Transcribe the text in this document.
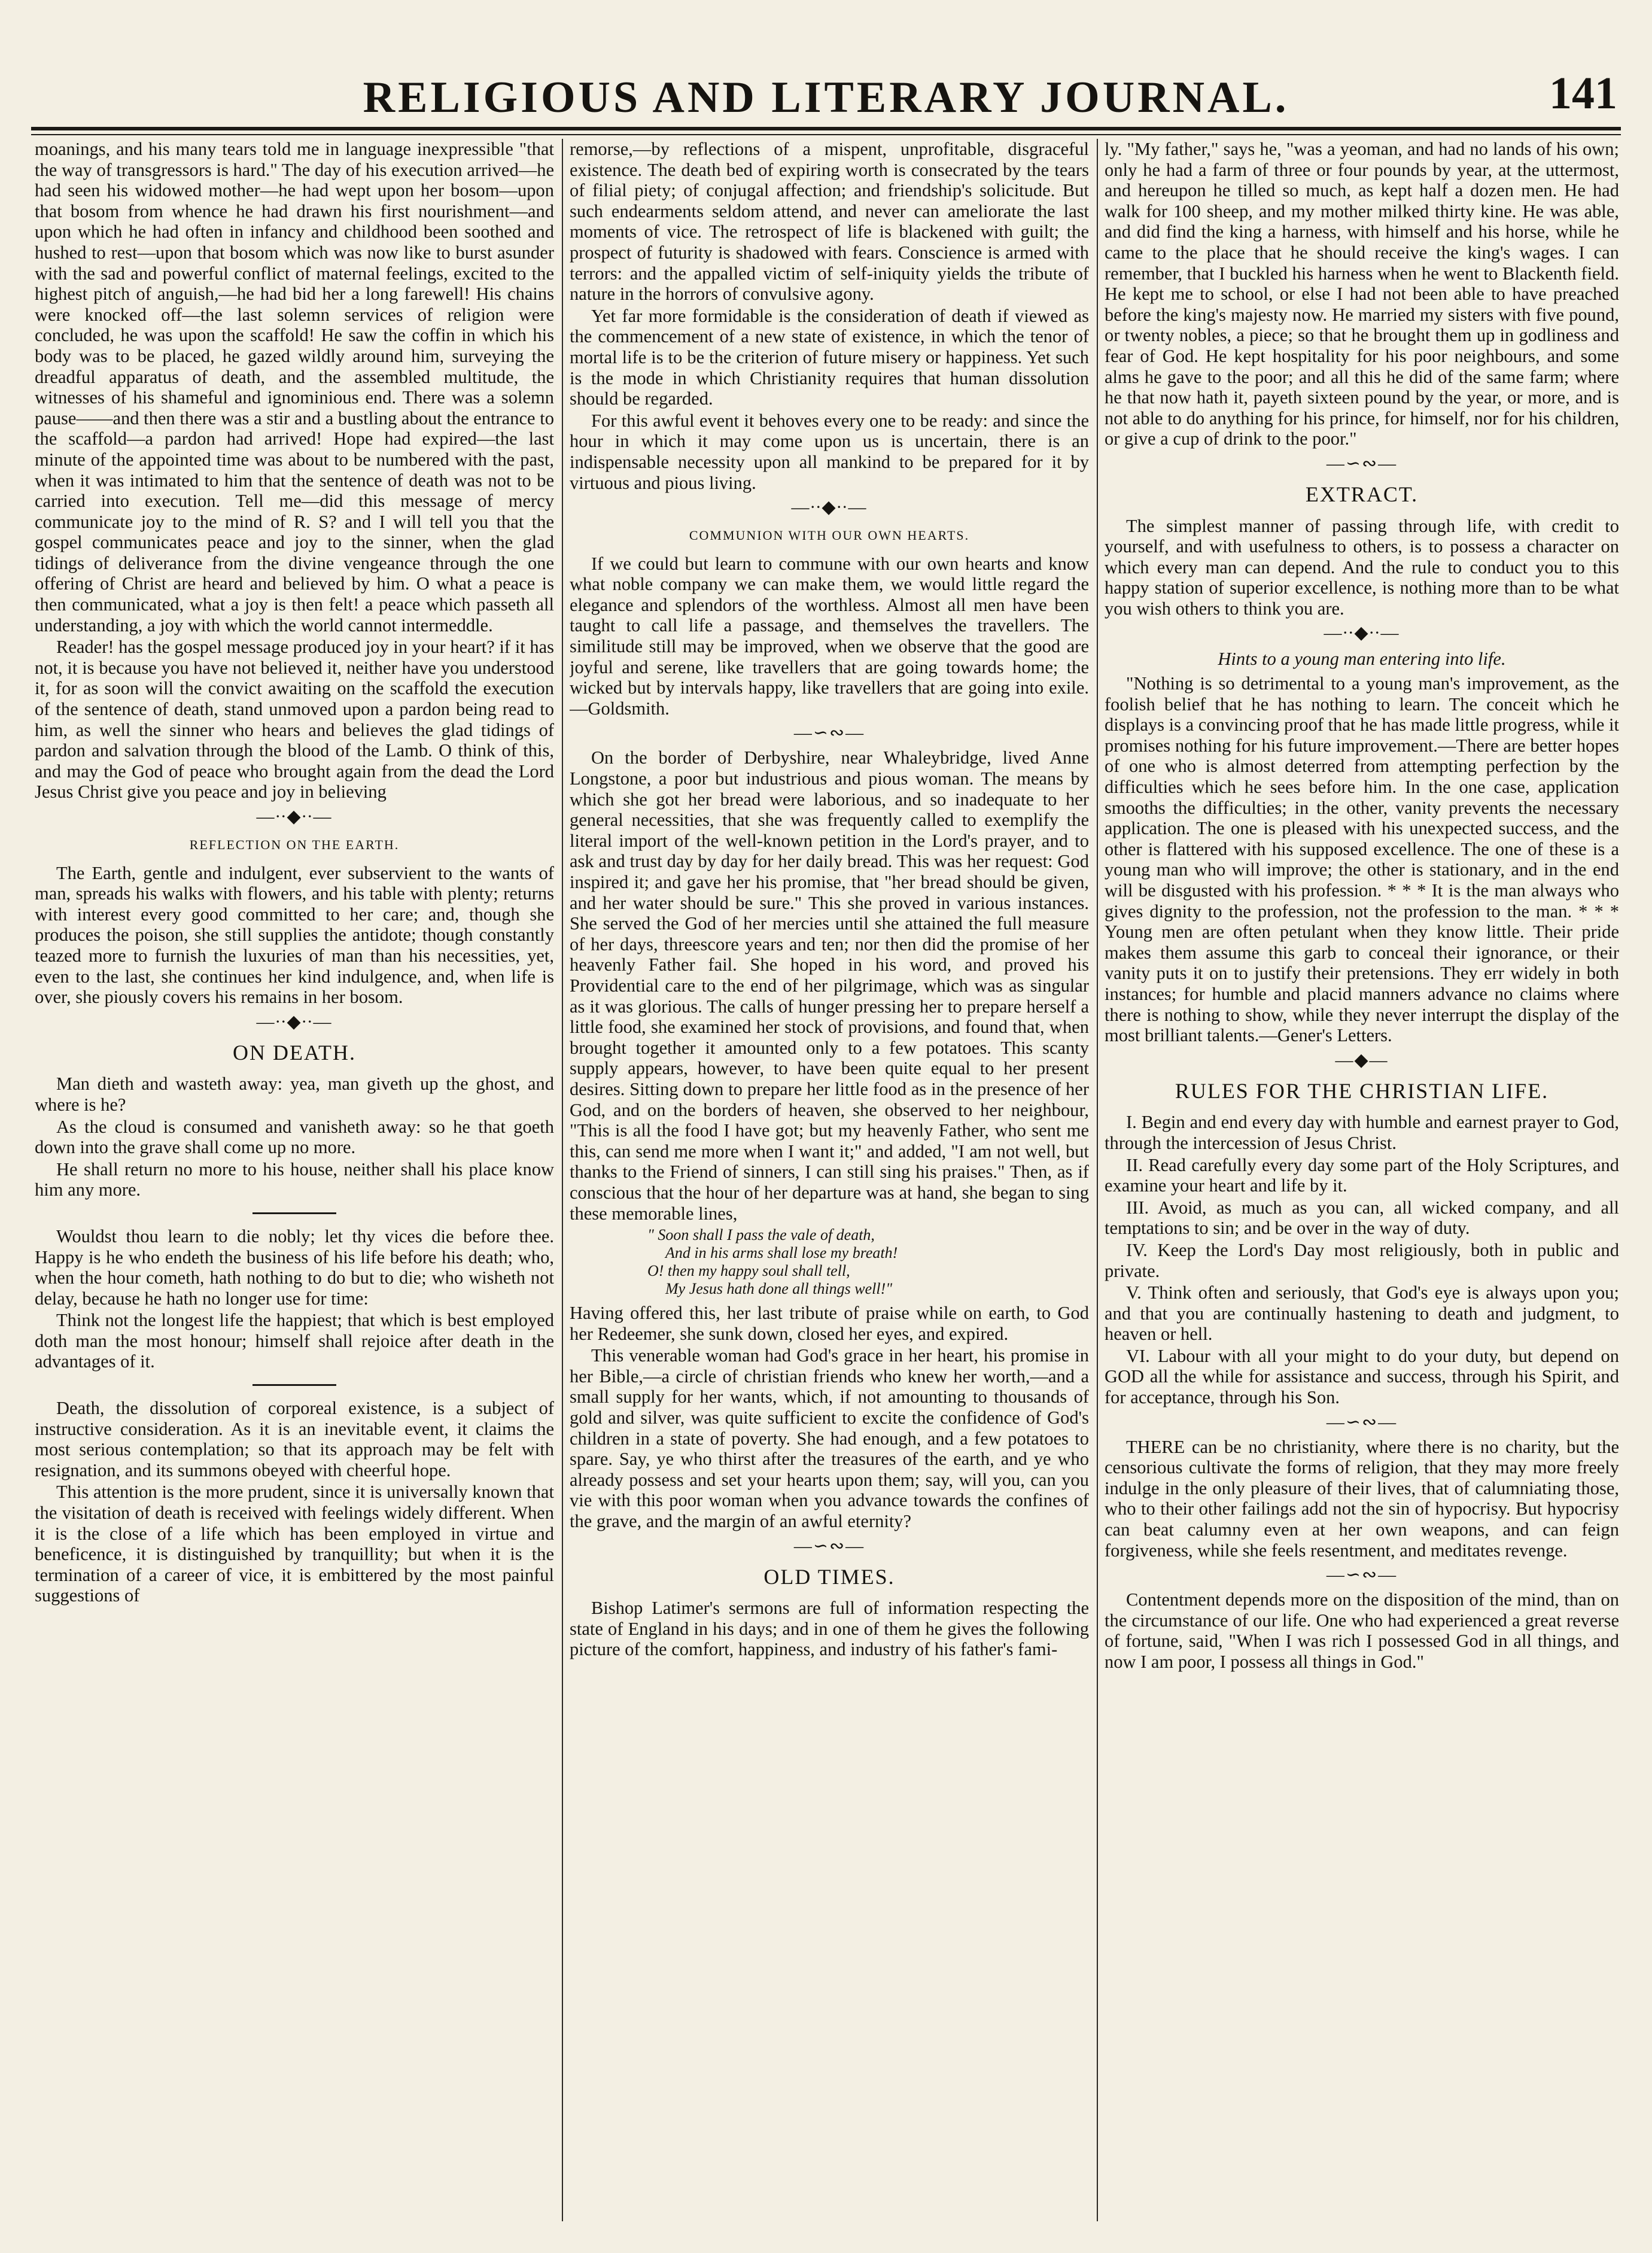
RELIGIOUS AND LITERARY JOURNAL.	141

moanings, and his many tears told me in language inexpressible "that the way of transgressors is hard." The day of his execution arrived—he had seen his widowed mother—he had wept upon her bosom—upon that bosom from whence he had drawn his first nourishment—and upon which he had often in infancy and childhood been soothed and hushed to rest—upon that bosom which was now like to burst asunder with the sad and powerful conflict of maternal feelings, excited to the highest pitch of anguish,—he had bid her a long farewell! His chains were knocked off—the last solemn services of religion were concluded, he was upon the scaffold! He saw the coffin in which his body was to be placed, he gazed wildly around him, surveying the dreadful apparatus of death, and the assembled multitude, the witnesses of his shameful and ignominious end. There was a solemn pause——and then there was a stir and a bustling about the entrance to the scaffold—a pardon had arrived! Hope had expired—the last minute of the appointed time was about to be numbered with the past, when it was intimated to him that the sentence of death was not to be carried into execution. Tell me—did this message of mercy communicate joy to the mind of R. S? and I will tell you that the gospel communicates peace and joy to the sinner, when the glad tidings of deliverance from the divine vengeance through the one offering of Christ are heard and believed by him. O what a peace is then communicated, what a joy is then felt! a peace which passeth all understanding, a joy with which the world cannot intermeddle.

Reader! has the gospel message produced joy in your heart? if it has not, it is because you have not believed it, neither have you understood it, for as soon will the convict awaiting on the scaffold the execution of the sentence of death, stand unmoved upon a pardon being read to him, as well the sinner who hears and believes the glad tidings of pardon and salvation through the blood of the Lamb. O think of this, and may the God of peace who brought again from the dead the Lord Jesus Christ give you peace and joy in believing

—∙∙◆∙∙—
REFLECTION ON THE EARTH.

The Earth, gentle and indulgent, ever subservient to the wants of man, spreads his walks with flowers, and his table with plenty; returns with interest every good committed to her care; and, though she produces the poison, she still supplies the antidote; though constantly teazed more to furnish the luxuries of man than his necessities, yet, even to the last, she continues her kind indulgence, and, when life is over, she piously covers his remains in her bosom.

—∙∙◆∙∙—
ON DEATH.

Man dieth and wasteth away: yea, man giveth up the ghost, and where is he?

As the cloud is consumed and vanisheth away: so he that goeth down into the grave shall come up no more.

He shall return no more to his house, neither shall his place know him any more.

Wouldst thou learn to die nobly; let thy vices die before thee. Happy is he who endeth the business of his life before his death; who, when the hour cometh, hath nothing to do but to die; who wisheth not delay, because he hath no longer use for time:

Think not the longest life the happiest; that which is best employed doth man the most honour; himself shall rejoice after death in the advantages of it.

Death, the dissolution of corporeal existence, is a subject of instructive consideration. As it is an inevitable event, it claims the most serious contemplation; so that its approach may be felt with resignation, and its summons obeyed with cheerful hope.

This attention is the more prudent, since it is universally known that the visitation of death is received with feelings widely different. When it is the close of a life which has been employed in virtue and beneficence, it is distinguished by tranquillity; but when it is the termination of a career of vice, it is embittered by the most painful suggestions of

remorse,—by reflections of a mispent, unprofitable, disgraceful existence. The death bed of expiring worth is consecrated by the tears of filial piety; of conjugal affection; and friendship's solicitude. But such endearments seldom attend, and never can ameliorate the last moments of vice. The retrospect of life is blackened with guilt; the prospect of futurity is shadowed with fears. Conscience is armed with terrors: and the appalled victim of self-iniquity yields the tribute of nature in the horrors of convulsive agony.

Yet far more formidable is the consideration of death if viewed as the commencement of a new state of existence, in which the tenor of mortal life is to be the criterion of future misery or happiness. Yet such is the mode in which Christianity requires that human dissolution should be regarded.

For this awful event it behoves every one to be ready: and since the hour in which it may come upon us is uncertain, there is an indispensable necessity upon all mankind to be prepared for it by virtuous and pious living.

—∙∙◆∙∙—
COMMUNION WITH OUR OWN HEARTS.

If we could but learn to commune with our own hearts and know what noble company we can make them, we would little regard the elegance and splendors of the worthless. Almost all men have been taught to call life a passage, and themselves the travellers. The similitude still may be improved, when we observe that the good are joyful and serene, like travellers that are going towards home; the wicked but by intervals happy, like travellers that are going into exile.—Goldsmith.

—∽∾—

On the border of Derbyshire, near Whaleybridge, lived Anne Longstone, a poor but industrious and pious woman. The means by which she got her bread were laborious, and so inadequate to her general necessities, that she was frequently called to exemplify the literal import of the well-known petition in the Lord's prayer, and to ask and trust day by day for her daily bread. This was her request: God inspired it; and gave her his promise, that "her bread should be given, and her water should be sure." This she proved in various instances. She served the God of her mercies until she attained the full measure of her days, threescore years and ten; nor then did the promise of her heavenly Father fail. She hoped in his word, and proved his Providential care to the end of her pilgrimage, which was as singular as it was glorious. The calls of hunger pressing her to prepare herself a little food, she examined her stock of provisions, and found that, when brought together it amounted only to a few potatoes. This scanty supply appears, however, to have been quite equal to her present desires. Sitting down to prepare her little food as in the presence of her God, and on the borders of heaven, she observed to her neighbour, "This is all the food I have got; but my heavenly Father, who sent me this, can send me more when I want it;" and added, "I am not well, but thanks to the Friend of sinners, I can still sing his praises." Then, as if conscious that the hour of her departure was at hand, she began to sing these memorable lines,

" Soon shall I pass the vale of death,
And in his arms shall lose my breath!
O! then my happy soul shall tell,
My Jesus hath done all things well!"

Having offered this, her last tribute of praise while on earth, to God her Redeemer, she sunk down, closed her eyes, and expired.

This venerable woman had God's grace in her heart, his promise in her Bible,—a circle of christian friends who knew her worth,—and a small supply for her wants, which, if not amounting to thousands of gold and silver, was quite sufficient to excite the confidence of God's children in a state of poverty. She had enough, and a few potatoes to spare. Say, ye who thirst after the treasures of the earth, and ye who already possess and set your hearts upon them; say, will you, can you vie with this poor woman when you advance towards the confines of the grave, and the margin of an awful eternity?

—∽∾—
OLD TIMES.

Bishop Latimer's sermons are full of information respecting the state of England in his days; and in one of them he gives the following picture of the comfort, happiness, and industry of his father's fami-

ly. "My father," says he, "was a yeoman, and had no lands of his own; only he had a farm of three or four pounds by year, at the uttermost, and hereupon he tilled so much, as kept half a dozen men. He had walk for 100 sheep, and my mother milked thirty kine. He was able, and did find the king a harness, with himself and his horse, while he came to the place that he should receive the king's wages. I can remember, that I buckled his harness when he went to Blackenth field. He kept me to school, or else I had not been able to have preached before the king's majesty now. He married my sisters with five pound, or twenty nobles, a piece; so that he brought them up in godliness and fear of God. He kept hospitality for his poor neighbours, and some alms he gave to the poor; and all this he did of the same farm; where he that now hath it, payeth sixteen pound by the year, or more, and is not able to do anything for his prince, for himself, nor for his children, or give a cup of drink to the poor."

—∽∾—
EXTRACT.

The simplest manner of passing through life, with credit to yourself, and with usefulness to others, is to possess a character on which every man can depend. And the rule to conduct you to this happy station of superior excellence, is nothing more than to be what you wish others to think you are.

—∙∙◆∙∙—
Hints to a young man entering into life.

"Nothing is so detrimental to a young man's improvement, as the foolish belief that he has nothing to learn. The conceit which he displays is a convincing proof that he has made little progress, while it promises nothing for his future improvement.—There are better hopes of one who is almost deterred from attempting perfection by the difficulties which he sees before him. In the one case, application smooths the difficulties; in the other, vanity prevents the necessary application. The one is pleased with his unexpected success, and the other is flattered with his supposed excellence. The one of these is a young man who will improve; the other is stationary, and in the end will be disgusted with his profession. * * * It is the man always who gives dignity to the profession, not the profession to the man. * * * Young men are often petulant when they know little. Their pride makes them assume this garb to conceal their ignorance, or their vanity puts it on to justify their pretensions. They err widely in both instances; for humble and placid manners advance no claims where there is nothing to show, while they never interrupt the display of the most brilliant talents.—Gener's Letters.

—◆—
RULES FOR THE CHRISTIAN LIFE.

I. Begin and end every day with humble and earnest prayer to God, through the intercession of Jesus Christ.

II. Read carefully every day some part of the Holy Scriptures, and examine your heart and life by it.

III. Avoid, as much as you can, all wicked company, and all temptations to sin; and be over in the way of duty.

IV. Keep the Lord's Day most religiously, both in public and private.

V. Think often and seriously, that God's eye is always upon you; and that you are continually hastening to death and judgment, to heaven or hell.

VI. Labour with all your might to do your duty, but depend on GOD all the while for assistance and success, through his Spirit, and for acceptance, through his Son.

—∽∾—

THERE can be no christianity, where there is no charity, but the censorious cultivate the forms of religion, that they may more freely indulge in the only pleasure of their lives, that of calumniating those, who to their other failings add not the sin of hypocrisy. But hypocrisy can beat calumny even at her own weapons, and can feign forgiveness, while she feels resentment, and meditates revenge.

—∽∾—

Contentment depends more on the disposition of the mind, than on the circumstance of our life. One who had experienced a great reverse of fortune, said, "When I was rich I possessed God in all things, and now I am poor, I possess all things in God."
